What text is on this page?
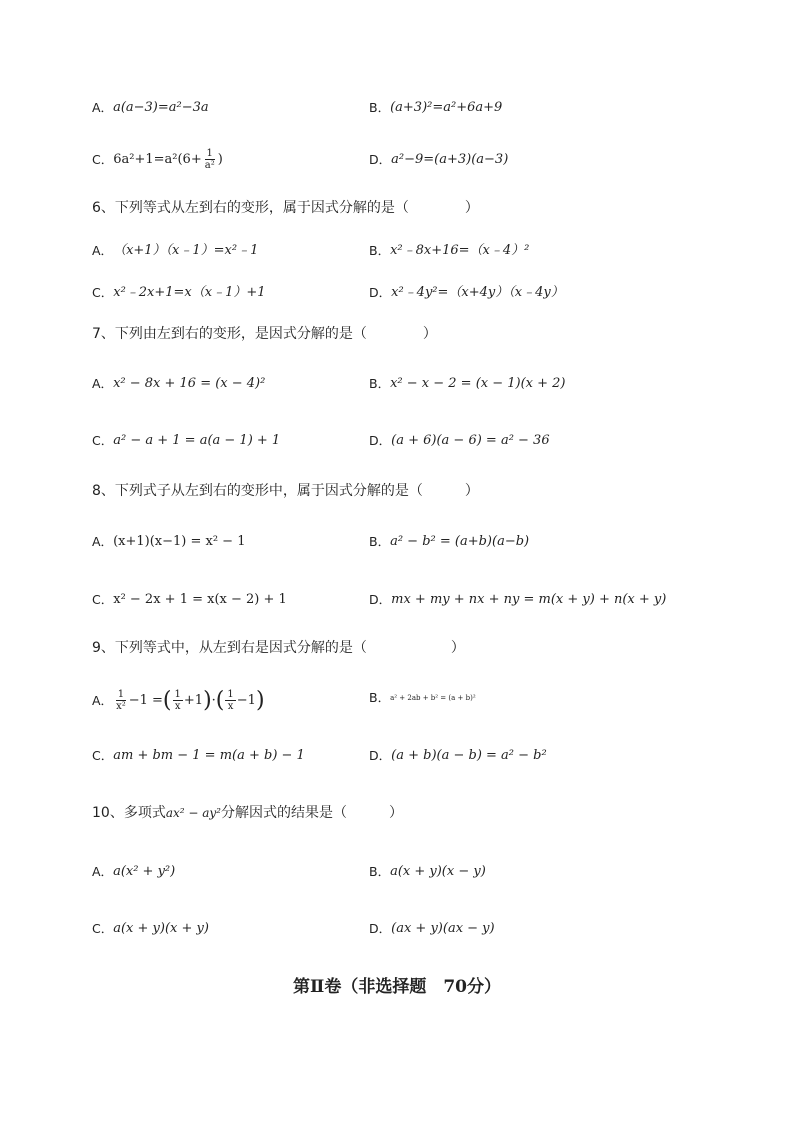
A． a(a−3)=a²−3a	B． (a+3)²=a²+6a+9
C． $6a^2+1=a^2(6+ \frac{1}{\text{a²}}$ )	D． a²−9=(a+3)(a−3)
6、下列等式从左到右的变形，属于因式分解的是（　　　　）
A． （x+1）（x﹣1）=x²﹣1	B． x²﹣8x+16=（x﹣4）²
C． x²﹣2x+1=x（x﹣1）+1	D． x²﹣4y²=（x+4y）（x﹣4y）
7、下列由左到右的变形，是因式分解的是（　　　　）
A． x² − 8x + 16 = (x − 4)²	B． x² − x − 2 = (x − 1)(x + 2)
C． a² − a + 1 = a(a − 1) + 1	D． (a + 6)(a − 6) = a² − 36
8、下列式子从左到右的变形中，属于因式分解的是（　　　）
A． (x+1)(x−1) = x² − 1	B． a² − b² = (a+b)(a−b)
C． x² − 2x + 1 = x(x − 2) + 1	D． mx + my + nx + ny = m(x + y) + n(x + y)
9、下列等式中，从左到右是因式分解的是（　　　　　　）
A． $\frac{1}{\text{x²}} -1$ = ( $\frac{1}{x} +1$ ) · ( $\frac{1}{x} -1$ )	B． a² + 2ab + b² = (a + b)²
C． am + bm − 1 = m(a + b) − 1	D． (a + b)(a − b) = a² − b²
10、多项式ax² − ay²分解因式的结果是（　　　）
A． a(x² + y²)	B． a(x + y)(x − y)
C． a(x + y)(x + y)	D． (ax + y)(ax − y)
第Ⅱ卷（非选择题　70分）
